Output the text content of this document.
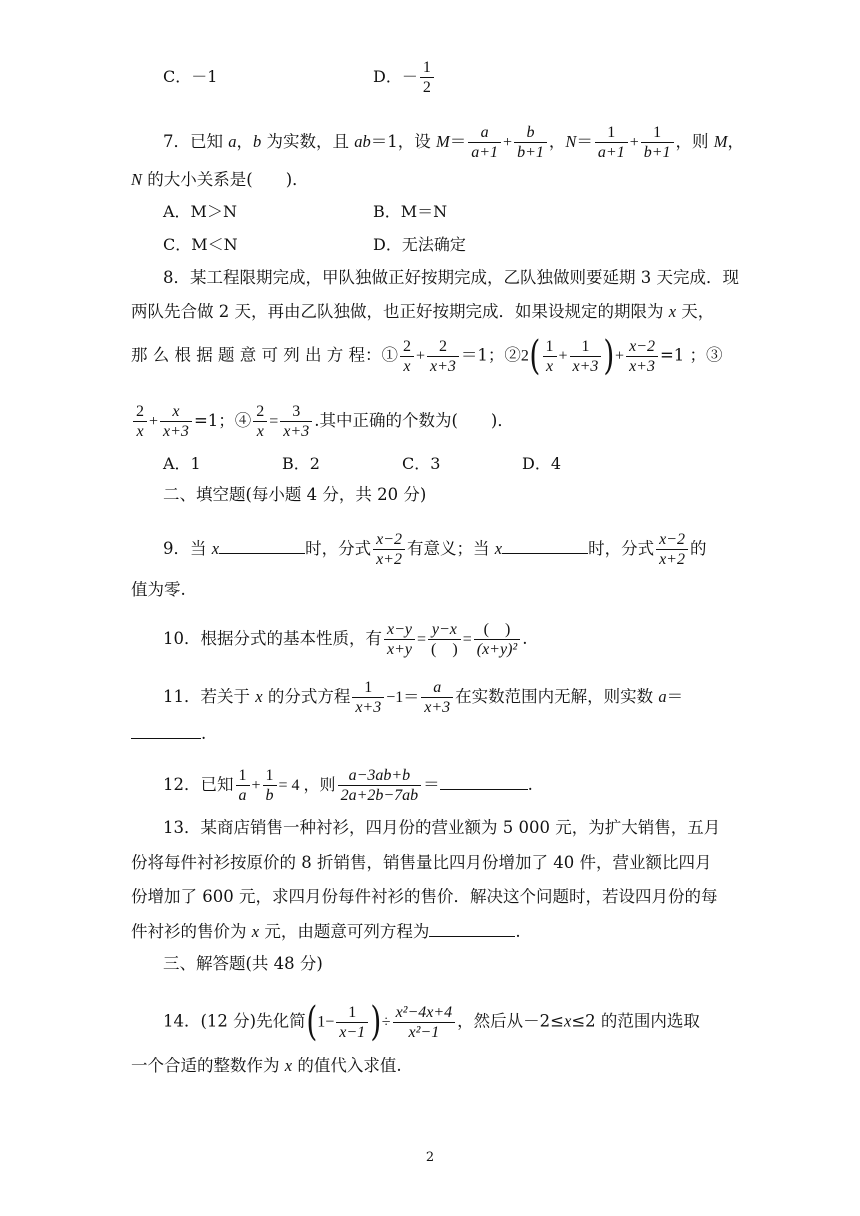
C．－1	D．－ $\frac{1}{2}$
7．已知 a，b 为实数，且 ab＝1，设 $M= \frac{a}{a+1} + \frac{b}{b+1}$ ，$N= \frac{1}{a+1} + \frac{1}{b+1}$ ，则 M，
N 的大小关系是(　　)．
A．M＞N	B．M＝N
C．M＜N	D．无法确定
8．某工程限期完成，甲队独做正好按期完成，乙队独做则要延期 3 天完成．现
两队先合做 2 天，再由乙队独做，也正好按期完成．如果设规定的期限为 x 天，
那 么 根 据 题 意 可 列 出 方 程：① $\frac{2}{x} + \frac{2}{x+3} =1$；②2( $\frac{1}{x} + \frac{1}{x+3}$ )+ $\frac{x-2}{x+3} =1$ ；③
$\frac{2}{x} + \frac{x}{x+3} =1$；④ $\frac{2}{x} = \frac{3}{x+3}$ .其中正确的个数为(　　)．
A．1	B．2	C．3	D．4
二、填空题(每小题 4 分，共 20 分)
9．当 x	时，分式 $\frac{x-2}{x+2}$ 有意义；当 x	时，分式 $\frac{x-2}{x+2}$ 的
值为零.
10．根据分式的基本性质，有 $\frac{x-y}{x+y} = \frac{y-x}{( )} = \frac{( )}{\text{(x+y)²}}$ .
11．若关于 x 的分式方程 $\frac{1}{x+3} -1= \frac{a}{x+3}$ 在实数范围内无解，则实数 a＝
.
12．已知 $\frac{1}{a} + \frac{1}{b} = 4$ ，则 $\frac{a-3ab+b}{2a+2b-7ab}$ ＝	.
13．某商店销售一种衬衫，四月份的营业额为 5 000 元，为扩大销售，五月
份将每件衬衫按原价的 8 折销售，销售量比四月份增加了 40 件，营业额比四月
份增加了 600 元，求四月份每件衬衫的售价．解决这个问题时，若设四月份的每
件衬衫的售价为 x 元，由题意可列方程为	.
三、解答题(共 48 分)
14．(12 分)先化简($1- \frac{1}{x-1}$ )÷ $\frac{\text{x²−4x+4}}{\text{x²−1}}$ ，然后从－2≤x≤2 的范围内选取
一个合适的整数作为 x 的值代入求值.
2
